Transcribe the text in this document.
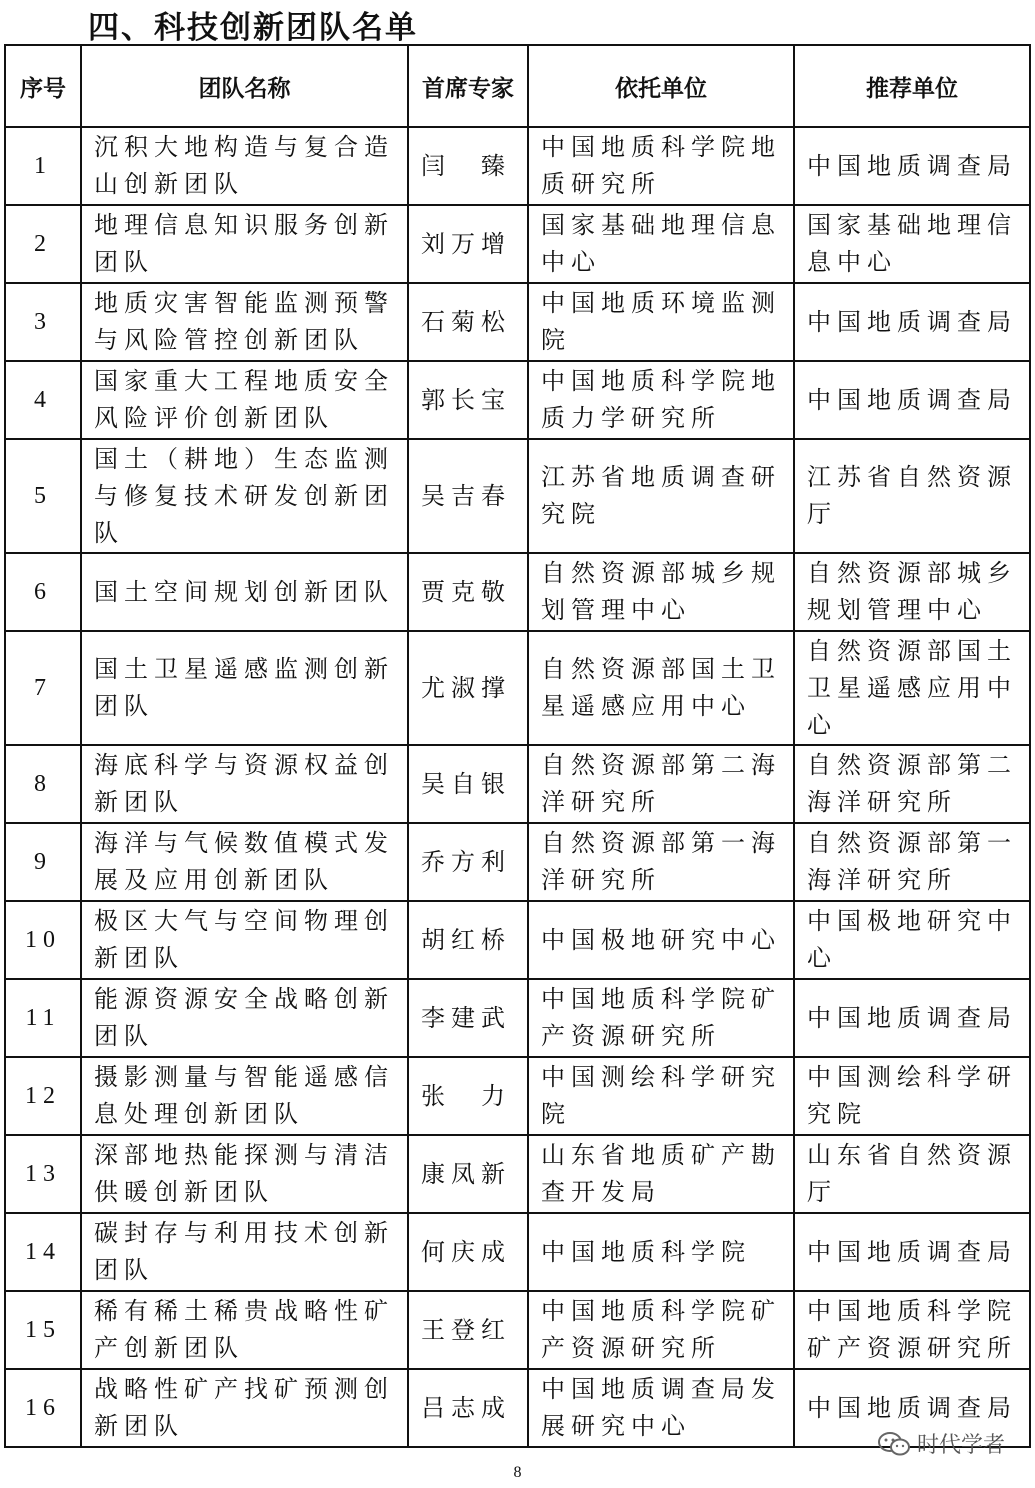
四、科技创新团队名单
序号	团队名称	首席专家	依托单位	推荐单位
1	沉积大地构造与复合造山创新团队	闫　臻	中国地质科学院地质研究所	中国地质调查局
2	地理信息知识服务创新团队	刘万增	国家基础地理信息中心	国家基础地理信息中心
3	地质灾害智能监测预警与风险管控创新团队	石菊松	中国地质环境监测院	中国地质调查局
4	国家重大工程地质安全风险评价创新团队	郭长宝	中国地质科学院地质力学研究所	中国地质调查局
5	国土（耕地）生态监测与修复技术研发创新团队	吴吉春	江苏省地质调查研究院	江苏省自然资源厅
6	国土空间规划创新团队	贾克敬	自然资源部城乡规划管理中心	自然资源部城乡规划管理中心
7	国土卫星遥感监测创新团队	尤淑撑	自然资源部国土卫星遥感应用中心	自然资源部国土卫星遥感应用中心
8	海底科学与资源权益创新团队	吴自银	自然资源部第二海洋研究所	自然资源部第二海洋研究所
9	海洋与气候数值模式发展及应用创新团队	乔方利	自然资源部第一海洋研究所	自然资源部第一海洋研究所
10	极区大气与空间物理创新团队	胡红桥	中国极地研究中心	中国极地研究中心
11	能源资源安全战略创新团队	李建武	中国地质科学院矿产资源研究所	中国地质调查局
12	摄影测量与智能遥感信息处理创新团队	张　力	中国测绘科学研究院	中国测绘科学研究院
13	深部地热能探测与清洁供暖创新团队	康凤新	山东省地质矿产勘查开发局	山东省自然资源厅
14	碳封存与利用技术创新团队	何庆成	中国地质科学院	中国地质调查局
15	稀有稀土稀贵战略性矿产创新团队	王登红	中国地质科学院矿产资源研究所	中国地质科学院矿产资源研究所
16	战略性矿产找矿预测创新团队	吕志成	中国地质调查局发展研究中心	中国地质调查局
时代学者
8
